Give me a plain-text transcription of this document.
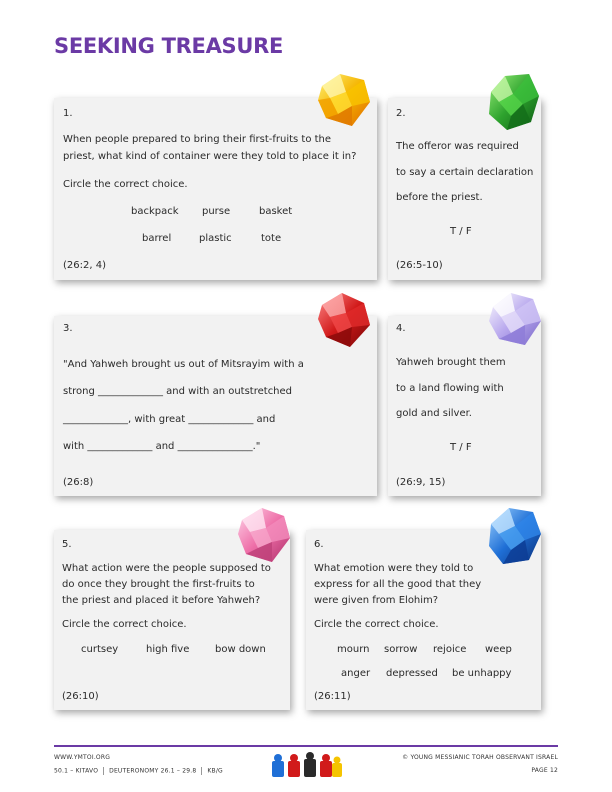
SEEKING TREASURE
1.
When people prepared to bring their first-fruits to the
priest, what kind of container were they told to place it in?
Circle the correct choice.
backpack purse	basket
barrel	plastic	tote
(26:2, 4)
2.
The offeror was required
to say a certain declaration
before the priest.
T / F
(26:5-10)
3.
"And Yahweh brought us out of Mitsrayim with a
strong _____________ and with an outstretched
_____________, with great _____________ and
with _____________ and _______________."
(26:8)
4.
Yahweh brought them
to a land flowing with
gold and silver.
T / F
(26:9, 15)
5.
What action were the people supposed to
do once they brought the first-fruits to
the priest and placed it before Yahweh?
Circle the correct choice.
curtsey	high five	bow down
(26:10)
6.
What emotion were they told to
express for all the good that they
were given from Elohim?
Circle the correct choice.
mourn sorrow rejoice weep
anger depressed be unhappy
(26:11)
WWW.YMTOI.ORG
50.1 – KITAVO DEUTERONOMY 26.1 – 29.8 KB/G
© YOUNG MESSIANIC TORAH OBSERVANT ISRAEL
PAGE 12
